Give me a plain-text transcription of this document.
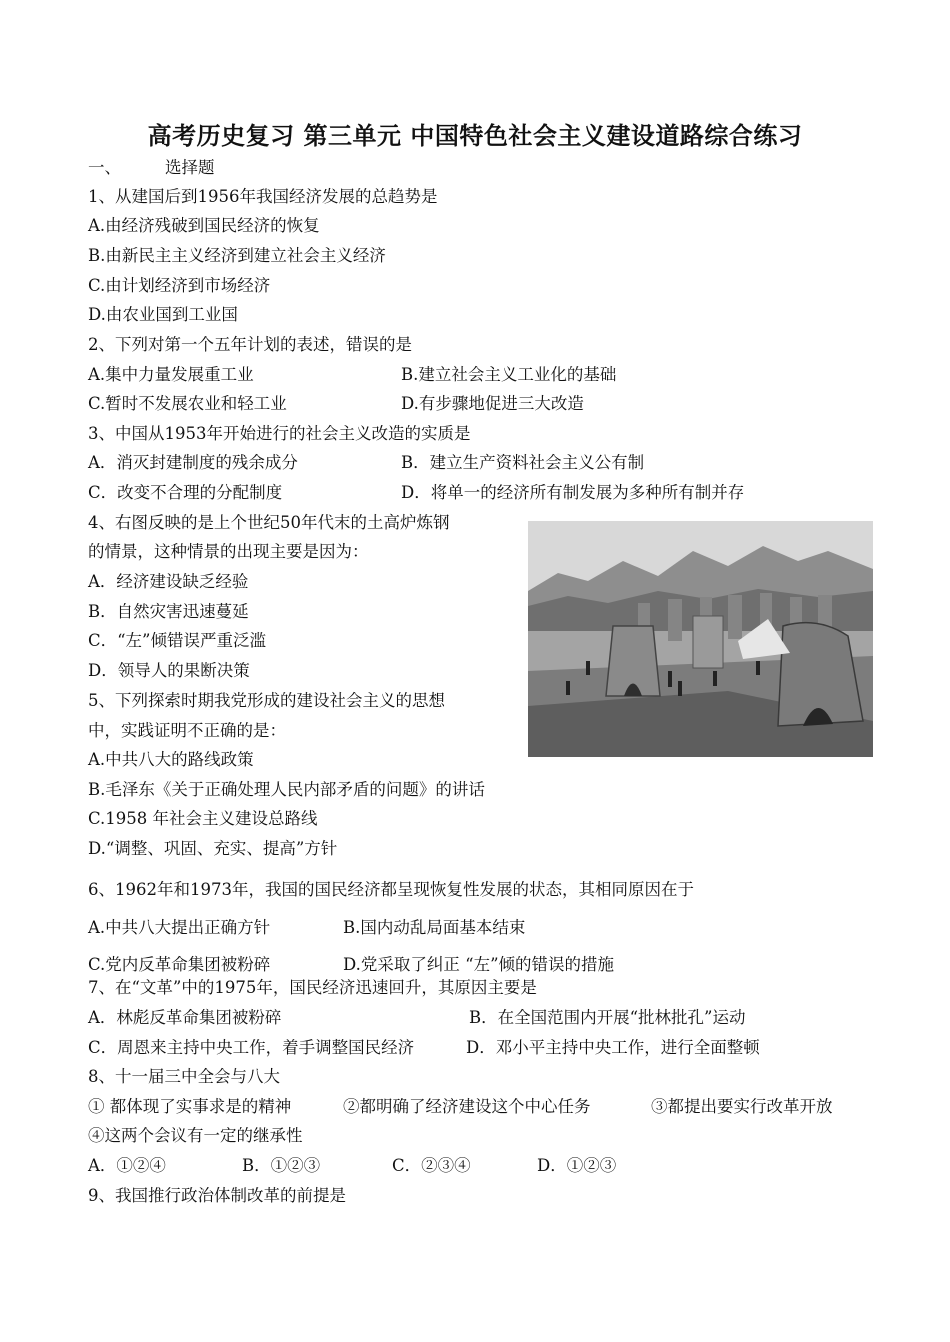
高考历史复习 第三单元 中国特色社会主义建设道路综合练习
一、	选择题
1、从建国后到1956年我国经济发展的总趋势是
A.由经济残破到国民经济的恢复
B.由新民主主义经济到建立社会主义经济
C.由计划经济到市场经济
D.由农业国到工业国
2、下列对第一个五年计划的表述，错误的是
A.集中力量发展重工业	B.建立社会主义工业化的基础
C.暂时不发展农业和轻工业	D.有步骤地促进三大改造
3、中国从1953年开始进行的社会主义改造的实质是
A．消灭封建制度的残余成分	B．建立生产资料社会主义公有制
C．改变不合理的分配制度	D．将单一的经济所有制发展为多种所有制并存
4、右图反映的是上个世纪50年代末的土高炉炼钢
的情景，这种情景的出现主要是因为：
A．经济建设缺乏经验
B．自然灾害迅速蔓延
C．“左”倾错误严重泛滥
D．领导人的果断决策
5、下列探索时期我党形成的建设社会主义的思想
中，实践证明不正确的是：
A.中共八大的路线政策
B.毛泽东《关于正确处理人民内部矛盾的问题》的讲话
C.1958 年社会主义建设总路线
D.“调整、巩固、充实、提高”方针
6、1962年和1973年，我国的国民经济都呈现恢复性发展的状态，其相同原因在于
A.中共八大提出正确方针	B.国内动乱局面基本结束
C.党内反革命集团被粉碎	D.党采取了纠正 “左”倾的错误的措施
7、在“文革”中的1975年，国民经济迅速回升，其原因主要是
A．林彪反革命集团被粉碎	B．在全国范围内开展“批林批孔”运动
C．周恩来主持中央工作，着手调整国民经济	D．邓小平主持中央工作，进行全面整顿
8、十一届三中全会与八大
① 都体现了实事求是的精神	②都明确了经济建设这个中心任务	③都提出要实行改革开放
④这两个会议有一定的继承性
A．①②④	B．①②③	C．②③④	D．①②③
9、我国推行政治体制改革的前提是
